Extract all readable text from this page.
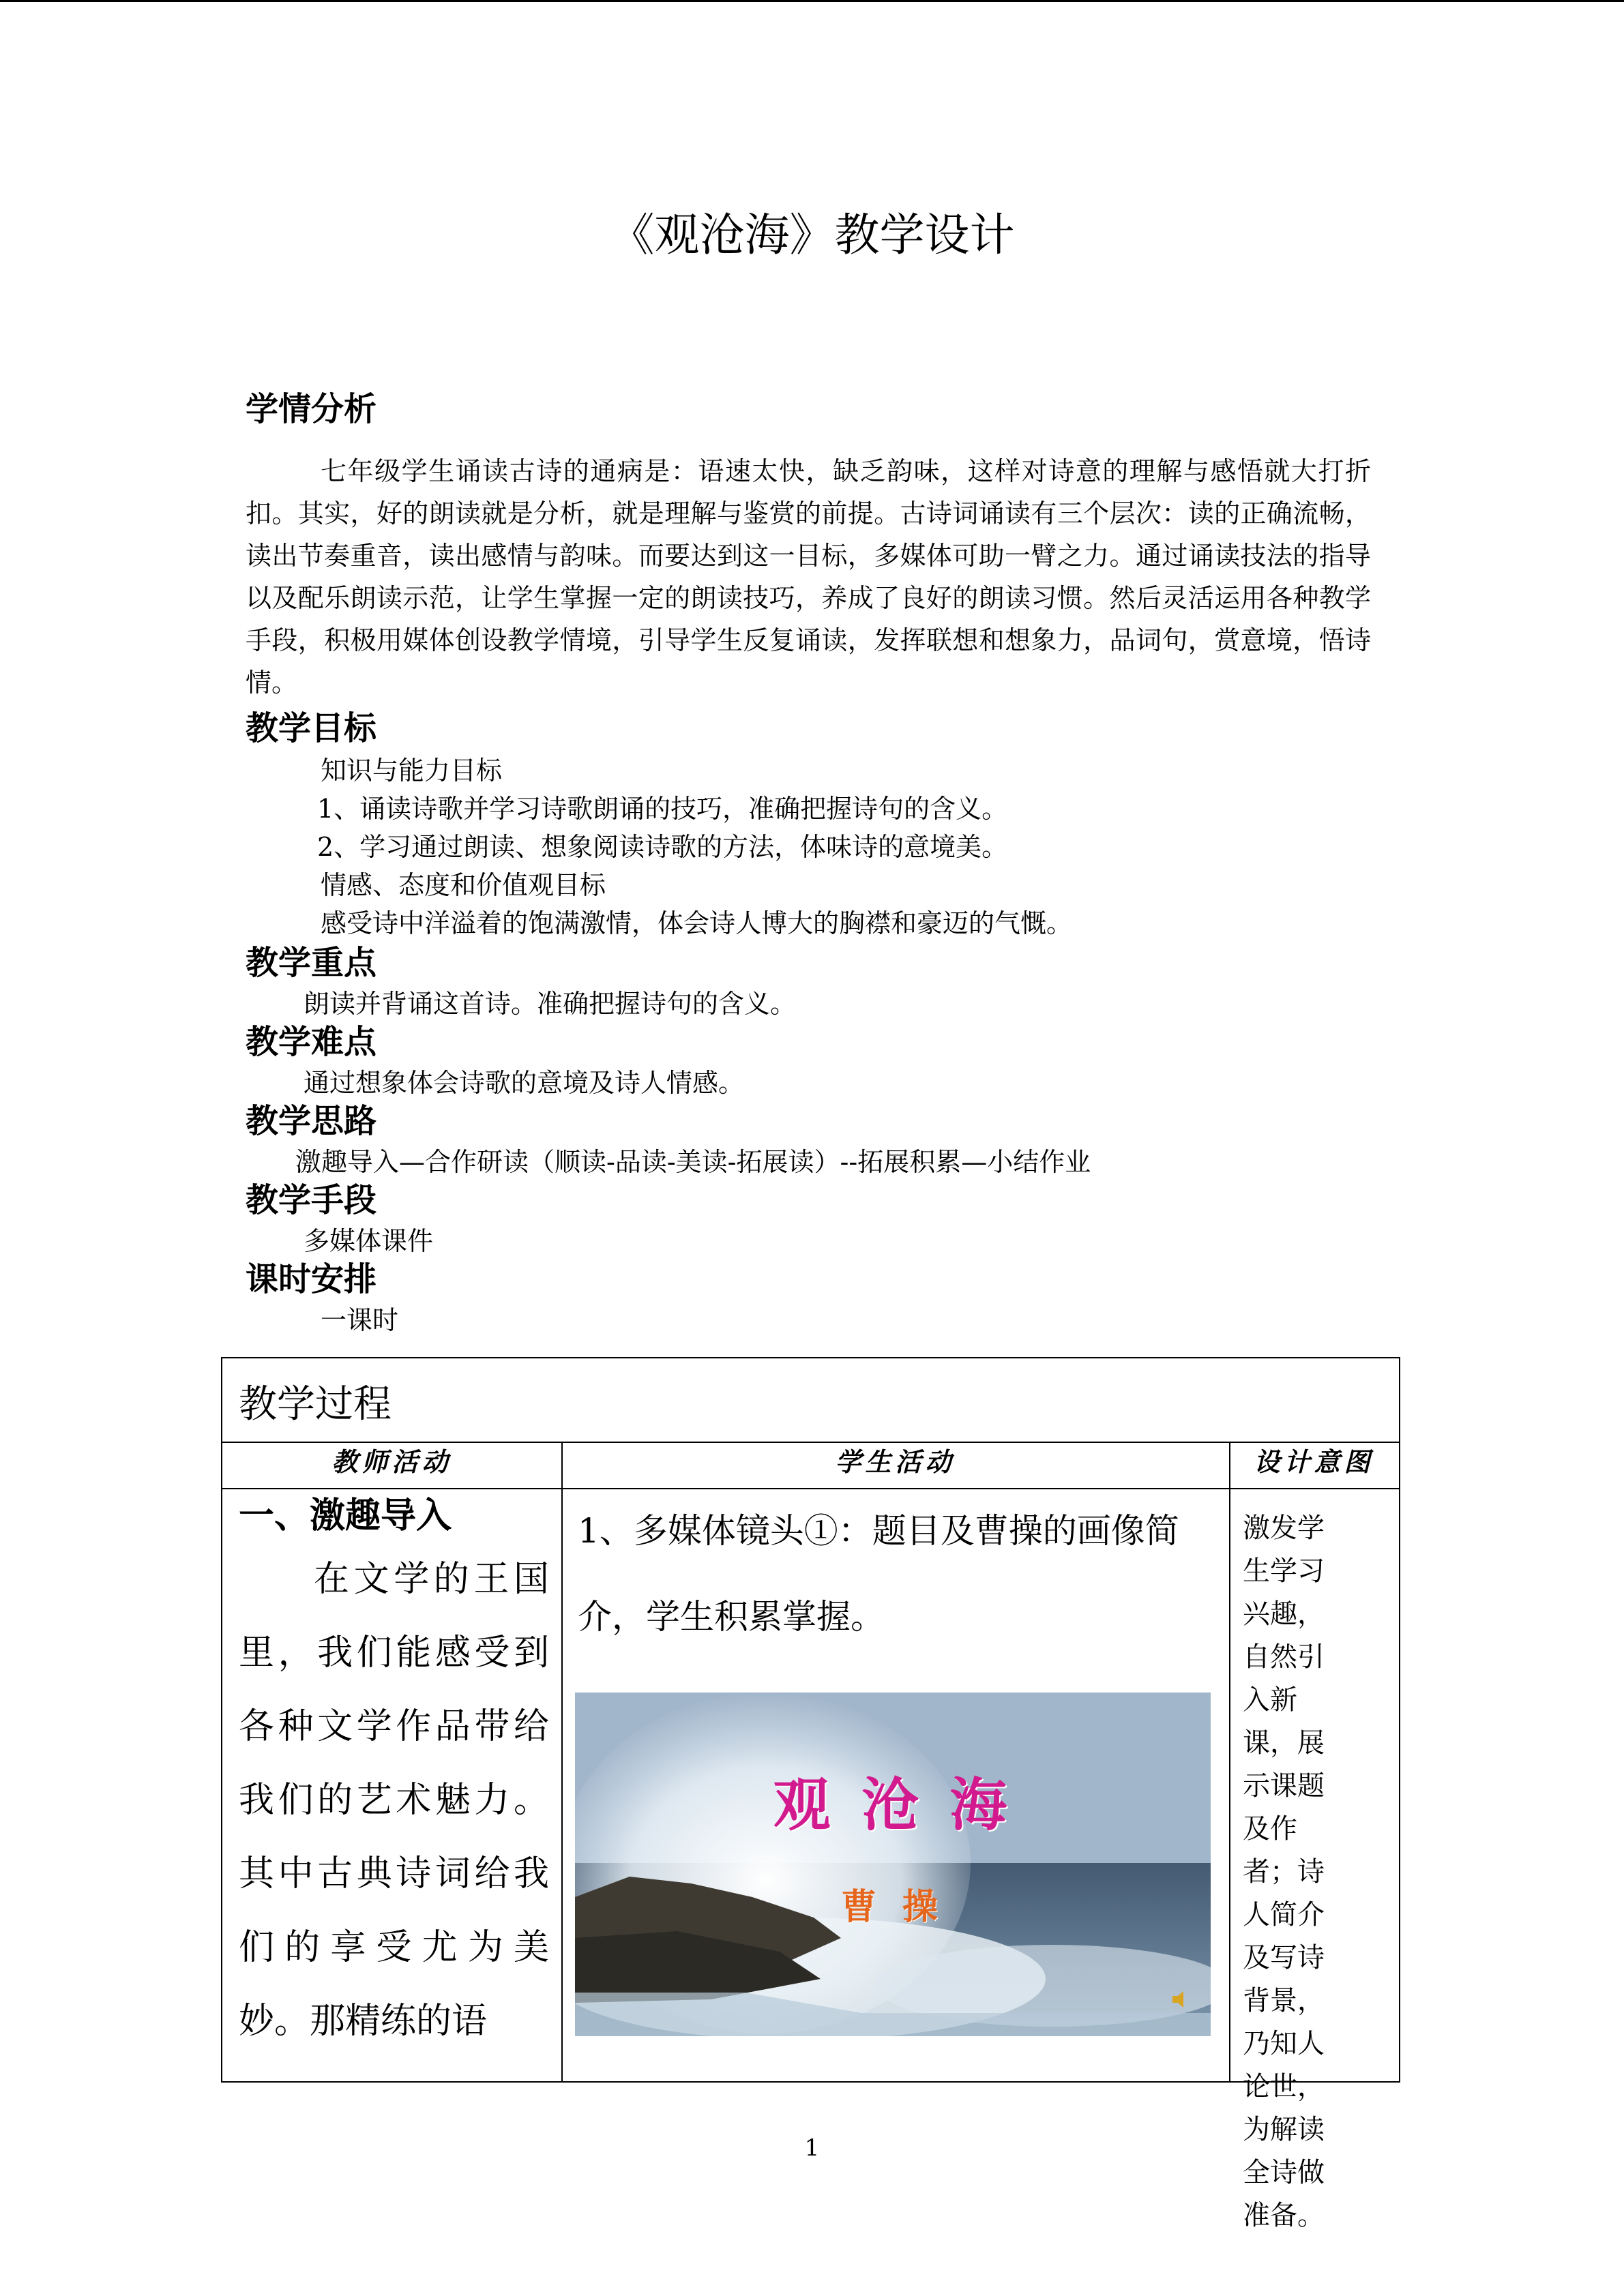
《观沧海》教学设计
学情分析

七年级学生诵读古诗的通病是：语速太快，缺乏韵味，这样对诗意的理解与感悟就大打折扣。其实，好的朗读就是分析，就是理解与鉴赏的前提。古诗词诵读有三个层次：读的正确流畅，读出节奏重音，读出感情与韵味。而要达到这一目标，多媒体可助一臂之力。通过诵读技法的指导以及配乐朗读示范，让学生掌握一定的朗读技巧，养成了良好的朗读习惯。然后灵活运用各种教学手段，积极用媒体创设教学情境，引导学生反复诵读，发挥联想和想象力，品词句，赏意境，悟诗情。

教学目标
知识与能力目标
1、诵读诗歌并学习诗歌朗诵的技巧，准确把握诗句的含义。
2、学习通过朗读、想象阅读诗歌的方法，体味诗的意境美。
情感、态度和价值观目标
感受诗中洋溢着的饱满激情，体会诗人博大的胸襟和豪迈的气慨。
教学重点
朗读并背诵这首诗。准确把握诗句的含义。
教学难点
通过想象体会诗歌的意境及诗人情感。
教学思路
激趣导入—合作研读（顺读-品读-美读-拓展读）--拓展积累—小结作业
教学手段
多媒体课件
课时安排
一课时
教学过程
教师活动	学生活动	设计意图
一、激趣导入

在文学的王国里，我们能感受到各种文学作品带给我们的艺术魅力。其中古典诗词给我们的享受尤为美妙。那精练的语

1、多媒体镜头①：题目及曹操的画像简介，学生积累掌握。

观 沧 海
曹 操

激发学生学习兴趣，自然引入新课，展示课题及作者；诗人简介及写诗背景，乃知人论世，为解读全诗做准备。

1
